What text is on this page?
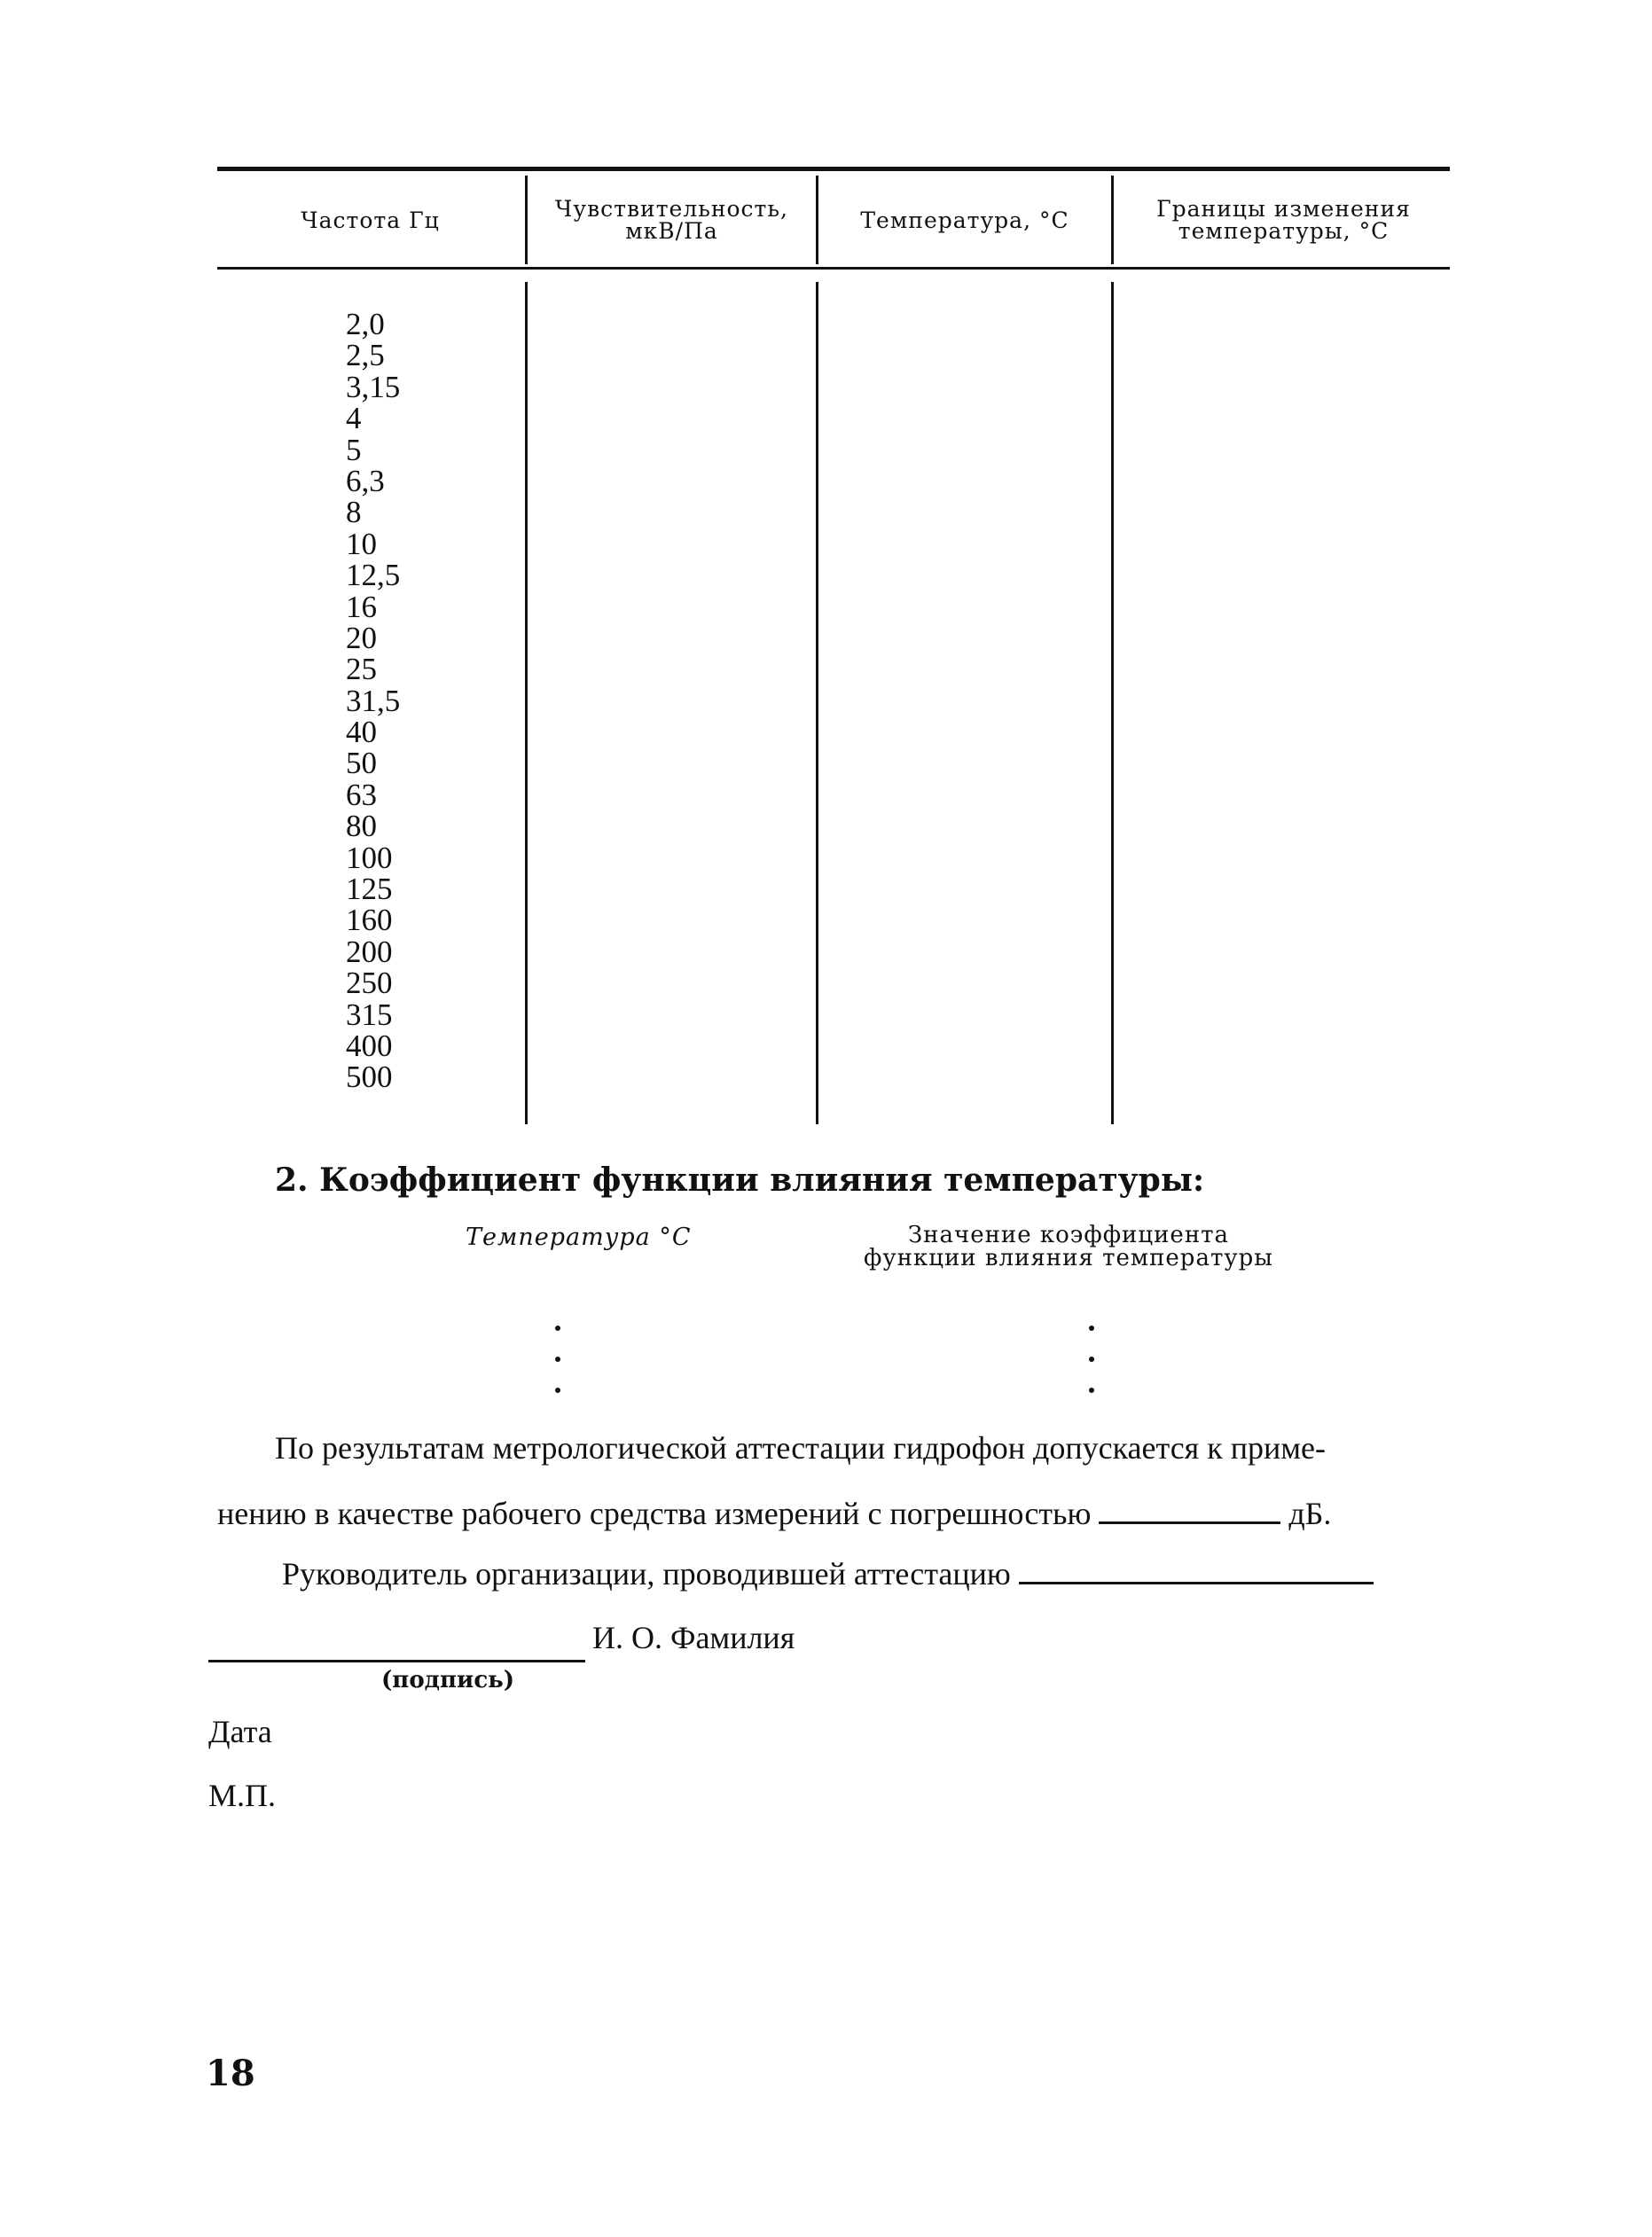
Частота Гц	Чувствительность, мкВ/Па	Температура, °С	Границы изменения температуры, °С
2,0
2,5
3,15
4
5
6,3
8
10
12,5
16
20
25
31,5
40
50
63
80
100
125
160
200
250
315
400
500
2. Коэффициент функции влияния температуры:
Температура °С	Значение коэффициента функции влияния температуры
По результатам метрологической аттестации гидрофон допускается к приме-
нению в качестве рабочего средства измерений с погрешностью	дБ.
Руководитель организации, проводившей аттестацию
И. О. Фамилия
(подпись)
Дата
М.П.
18
